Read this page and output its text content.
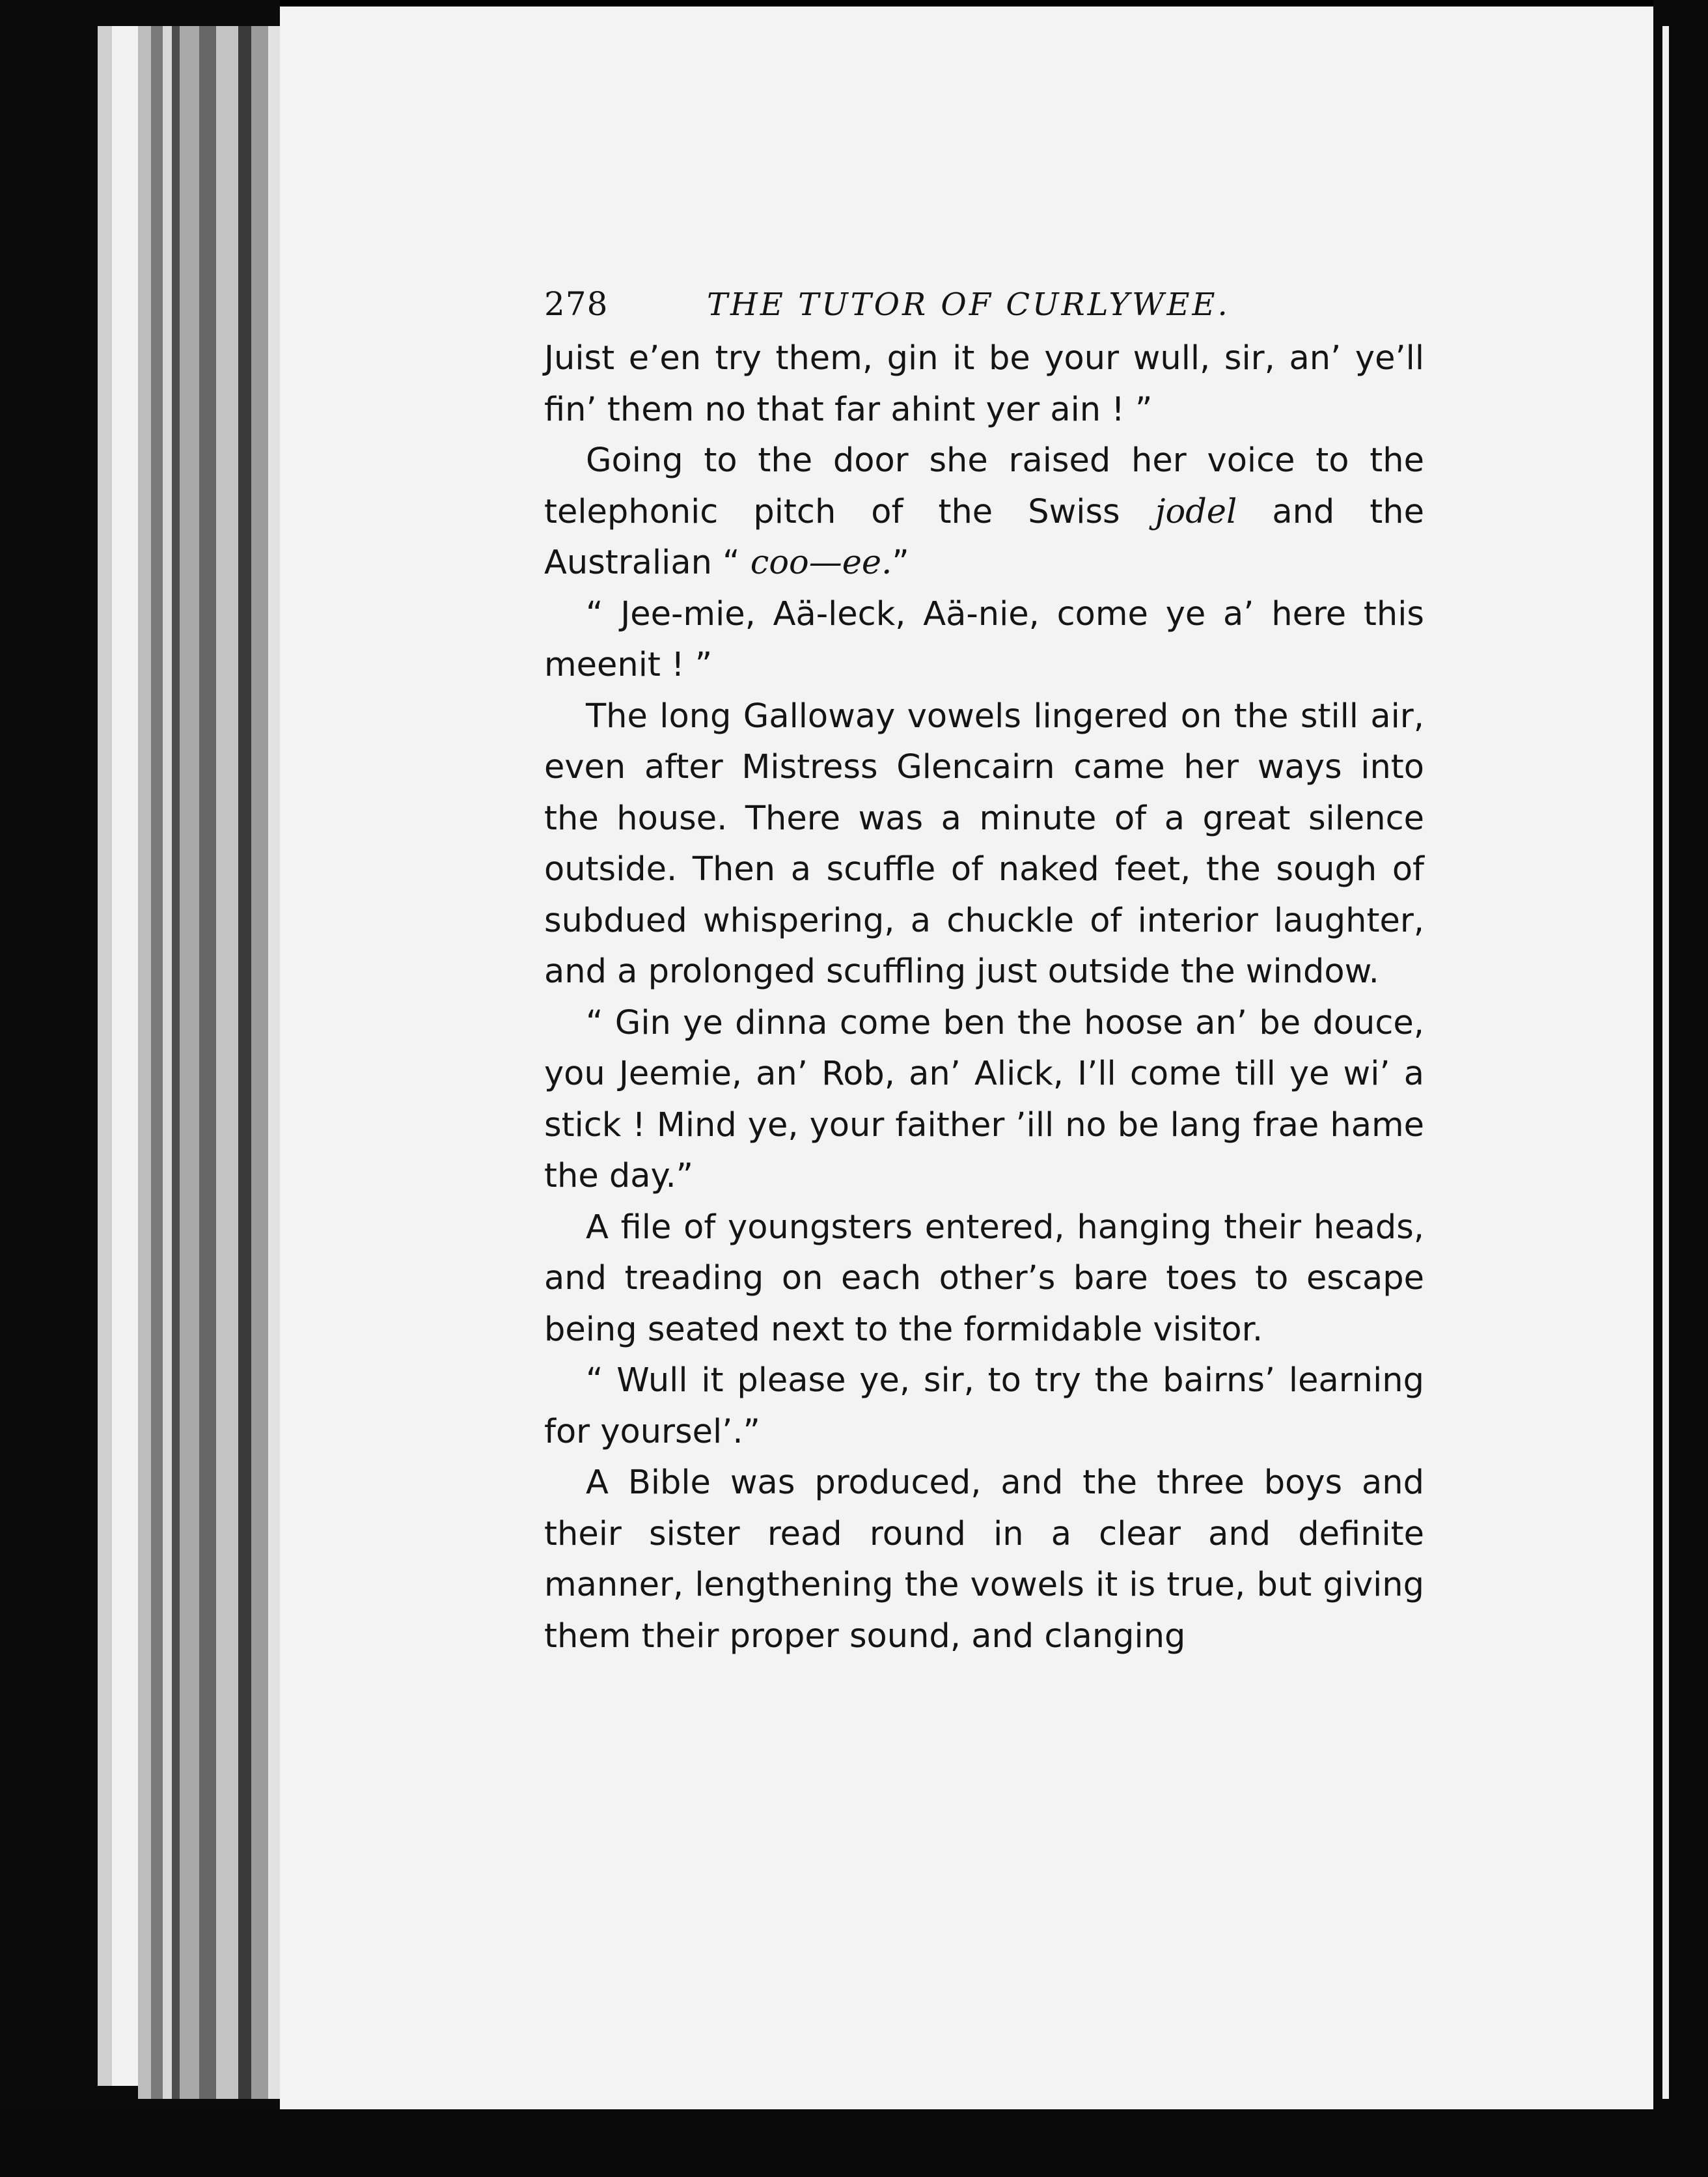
278	THE TUTOR OF CURLYWEE.

Juist e’en try them, gin it be your wull, sir, an’ ye’ll fin’ them no that far ahint yer ain ! ”

Going to the door she raised her voice to the telephonic pitch of the Swiss jodel and the Australian “ coo—ee.”

“ Jee-mie, Aä-leck, Aä-nie, come ye a’ here this meenit ! ”

The long Galloway vowels lingered on the still air, even after Mistress Glencairn came her ways into the house. There was a minute of a great silence outside. Then a scuffle of naked feet, the sough of subdued whispering, a chuckle of interior laughter, and a prolonged scuffling just outside the window.

“ Gin ye dinna come ben the hoose an’ be douce, you Jeemie, an’ Rob, an’ Alick, I’ll come till ye wi’ a stick ! Mind ye, your faither ’ill no be lang frae hame the day.”

A file of youngsters entered, hanging their heads, and treading on each other’s bare toes to escape being seated next to the formidable visitor.

“ Wull it please ye, sir, to try the bairns’ learning for yoursel’.”

A Bible was produced, and the three boys and their sister read round in a clear and definite manner, lengthening the vowels it is true, but giving them their proper sound, and clanging
